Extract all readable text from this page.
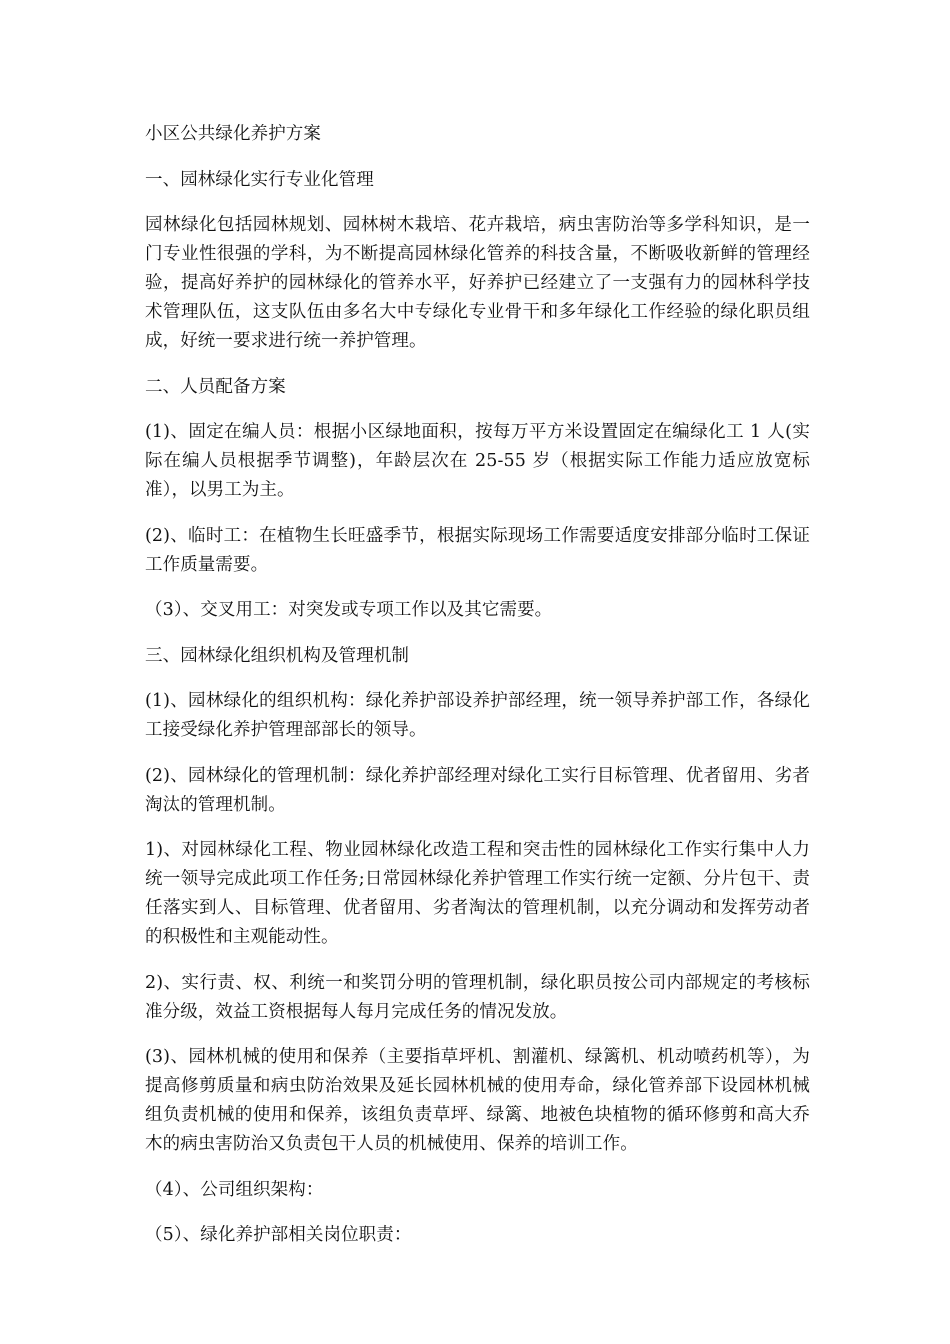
小区公共绿化养护方案

一、园林绿化实行专业化管理

园林绿化包括园林规划、园林树木栽培、花卉栽培，病虫害防治等多学科知识，是一门专业性很强的学科，为不断提高园林绿化管养的科技含量，不断吸收新鲜的管理经验，提高好养护的园林绿化的管养水平，好养护已经建立了一支强有力的园林科学技术管理队伍，这支队伍由多名大中专绿化专业骨干和多年绿化工作经验的绿化职员组成，好统一要求进行统一养护管理。

二、人员配备方案

(1)、固定在编人员：根据小区绿地面积，按每万平方米设置固定在编绿化工 1 人(实际在编人员根据季节调整)，年龄层次在 25-55 岁（根据实际工作能力适应放宽标准），以男工为主。

(2)、临时工：在植物生长旺盛季节，根据实际现场工作需要适度安排部分临时工保证工作质量需要。

（3）、交叉用工：对突发或专项工作以及其它需要。

三、园林绿化组织机构及管理机制

(1)、园林绿化的组织机构：绿化养护部设养护部经理，统一领导养护部工作，各绿化工接受绿化养护管理部部长的领导。

(2)、园林绿化的管理机制：绿化养护部经理对绿化工实行目标管理、优者留用、劣者淘汰的管理机制。

1)、对园林绿化工程、物业园林绿化改造工程和突击性的园林绿化工作实行集中人力统一领导完成此项工作任务;日常园林绿化养护管理工作实行统一定额、分片包干、责任落实到人、目标管理、优者留用、劣者淘汰的管理机制，以充分调动和发挥劳动者的积极性和主观能动性。

2)、实行责、权、利统一和奖罚分明的管理机制，绿化职员按公司内部规定的考核标准分级，效益工资根据每人每月完成任务的情况发放。

(3)、园林机械的使用和保养（主要指草坪机、割灌机、绿篱机、机动喷药机等），为提高修剪质量和病虫防治效果及延长园林机械的使用寿命，绿化管养部下设园林机械组负责机械的使用和保养，该组负责草坪、绿篱、地被色块植物的循环修剪和高大乔木的病虫害防治又负责包干人员的机械使用、保养的培训工作。

（4）、公司组织架构：

（5）、绿化养护部相关岗位职责：
